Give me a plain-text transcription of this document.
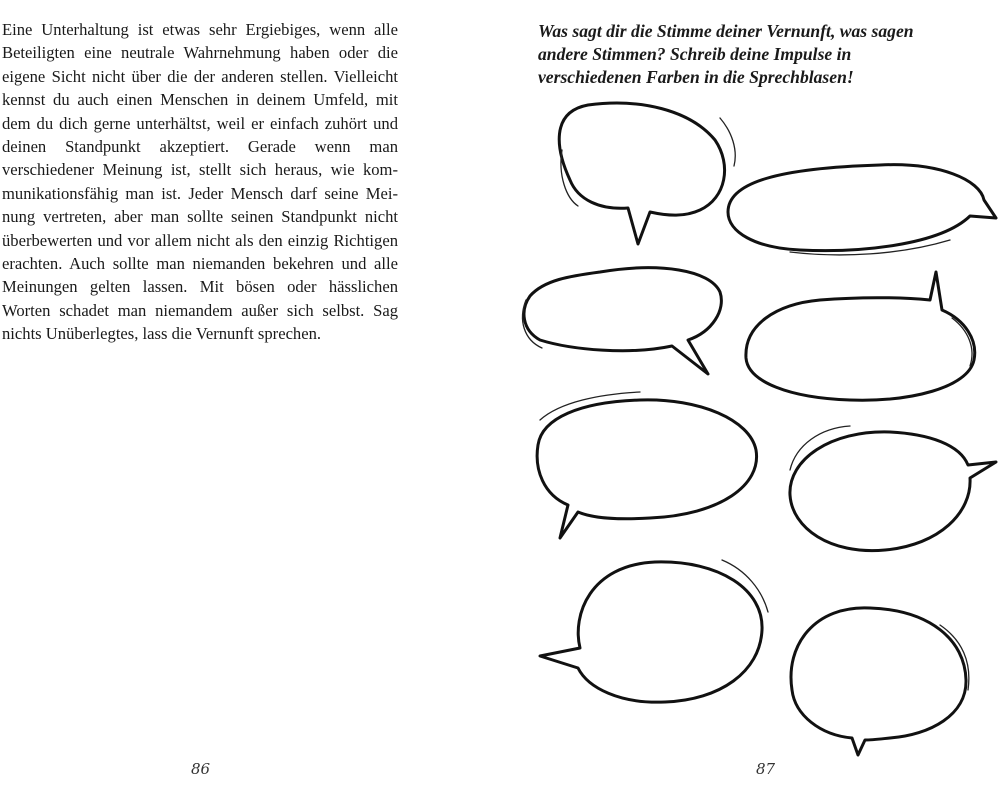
Eine Unterhaltung ist etwas sehr Ergiebiges, wenn alle Beteiligten eine neutrale Wahrnehmung haben oder die eigene Sicht nicht über die der anderen stellen. Vielleicht kennst du auch einen Menschen in deinem Umfeld, mit dem du dich gerne unterhältst, weil er einfach zuhört und deinen Standpunkt akzeptiert. Gerade wenn man verschiedener Meinung ist, stellt sich heraus, wie kommunikationsfähig man ist. Jeder Mensch darf seine Meinung vertreten, aber man sollte seinen Standpunkt nicht überbewerten und vor allem nicht als den einzig Richtigen erachten. Auch sollte man niemanden bekehren und alle Meinungen gelten lassen. Mit bösen oder hässlichen Worten schadet man niemandem außer sich selbst. Sag nichts Unüberlegtes, lass die Vernunft sprechen.

86

Was sagt dir die Stimme deiner Vernunft, was sagen andere Stimmen? Schreib deine Impulse in verschiedenen Farben in die Sprechblasen!

87
